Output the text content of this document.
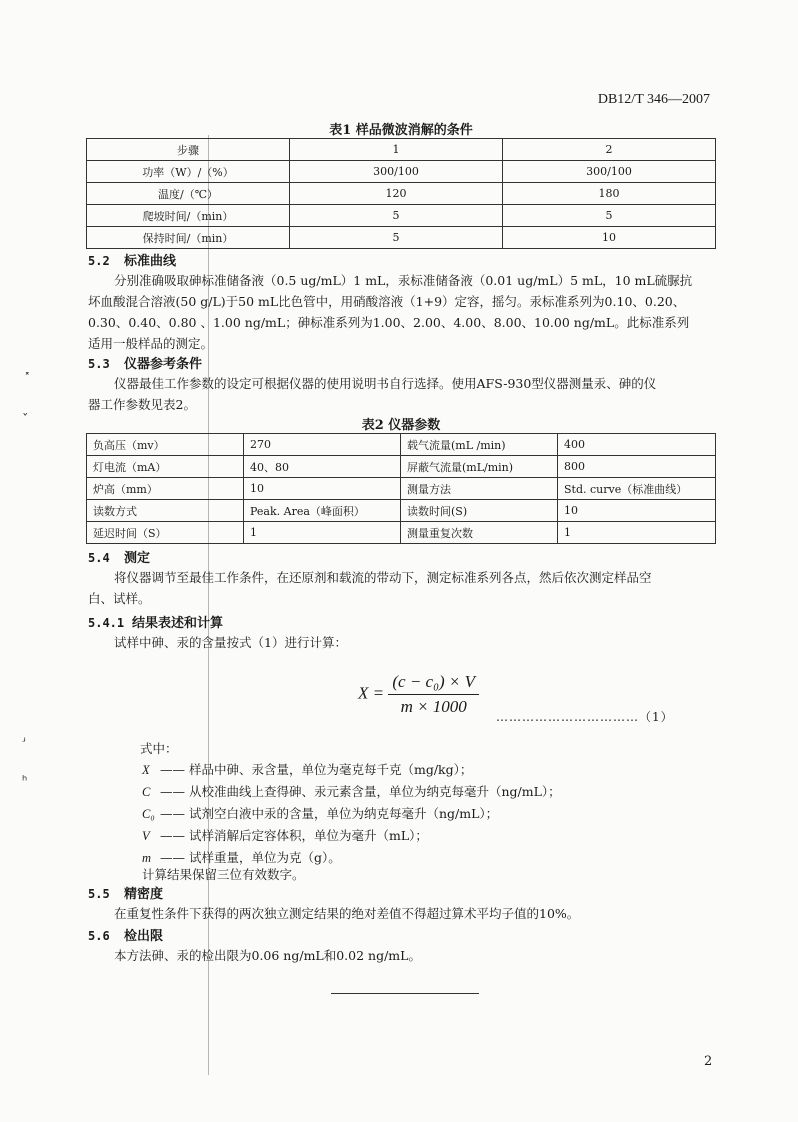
˟
ˇ
ʴ
ʰ
DB12/T 346—2007
表1 样品微波消解的条件
步骤	1	2
功率（W）/（%）	300/100	300/100
温度/（℃）	120	180
爬坡时间/（min）	5	5
保持时间/（min）	5	10
5.2 标准曲线
分别准确吸取砷标准储备液（0.5 ug/mL）1 mL，汞标准储备液（0.01 ug/mL）5 mL，10 mL硫脲抗
坏血酸混合溶液(50 g/L)于50 mL比色管中，用硝酸溶液（1+9）定容，摇匀。汞标准系列为0.10、0.20、
0.30、0.40、0.80 、1.00 ng/mL；砷标准系列为1.00、2.00、4.00、8.00、10.00 ng/mL。此标准系列
适用一般样品的测定。
5.3 仪器参考条件
仪器最佳工作参数的设定可根据仪器的使用说明书自行选择。使用AFS-930型仪器测量汞、砷的仪
器工作参数见表2。
表2 仪器参数
负高压（mv）	270	载气流量(mL /min)	400
灯电流（mA）	40、80	屏蔽气流量(mL/min)	800
炉高（mm）	10	测量方法	Std. curve（标准曲线）
读数方式	Peak. Area（峰面积）	读数时间(S)	10
延迟时间（S）	1	测量重复次数	1
5.4 测定
将仪器调节至最佳工作条件，在还原剂和载流的带动下，测定标准系列各点，然后依次测定样品空
白、试样。
5.4.1 结果表述和计算
试样中砷、汞的含量按式（1）进行计算：
$X = \frac{\text{(c − c₀) × V}}{m \times 1000}$ ……………………………（1）
式中：
X —— 样品中砷、汞含量，单位为毫克每千克（mg/kg）；
C —— 从校准曲线上查得砷、汞元素含量，单位为纳克每毫升（ng/mL）；
C₀ —— 试剂空白液中汞的含量，单位为纳克每毫升（ng/mL）；
V —— 试样消解后定容体积，单位为毫升（mL）；
m —— 试样重量，单位为克（g）。
计算结果保留三位有效数字。
5.5 精密度
在重复性条件下获得的两次独立测定结果的绝对差值不得超过算术平均子值的10%。
5.6 检出限
本方法砷、汞的检出限为0.06 ng/mL和0.02 ng/mL。
2
